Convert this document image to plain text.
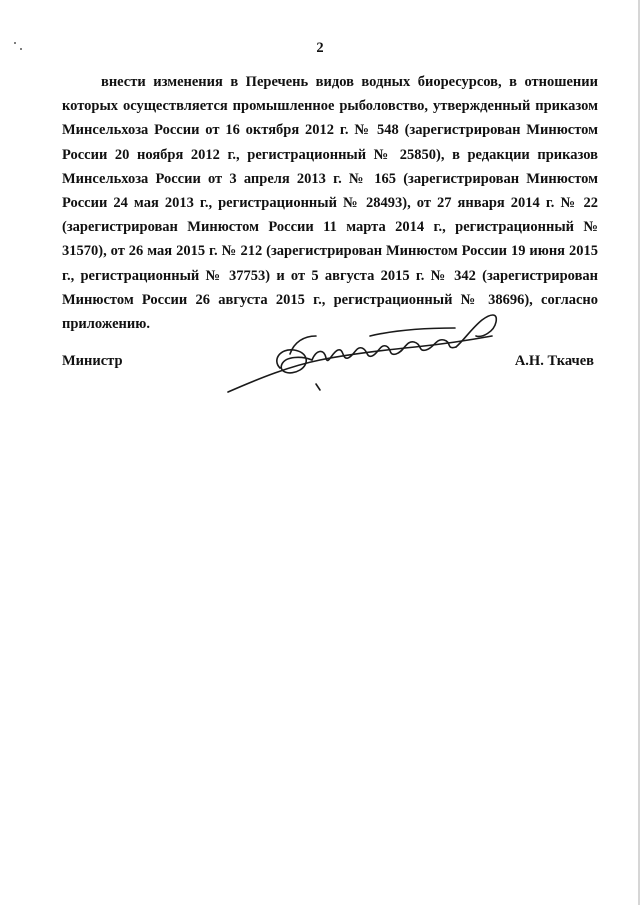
2

внести изменения в Перечень видов водных биоресурсов, в отношении которых осуществляется промышленное рыболовство, утвержденный приказом Минсельхоза России от 16 октября 2012 г. № 548 (зарегистрирован Минюстом России 20 ноября 2012 г., регистрационный № 25850), в редакции приказов Минсельхоза России от 3 апреля 2013 г. № 165 (зарегистрирован Минюстом России 24 мая 2013 г., регистрационный № 28493), от 27 января 2014 г. № 22 (зарегистрирован Минюстом России 11 марта 2014 г., регистрационный № 31570), от 26 мая 2015 г. № 212 (зарегистрирован Минюстом России 19 июня 2015 г., регистрационный № 37753) и от 5 августа 2015 г. № 342 (зарегистрирован Минюстом России 26 августа 2015 г., регистрационный № 38696), согласно приложению.

Министр	А.Н. Ткачев
